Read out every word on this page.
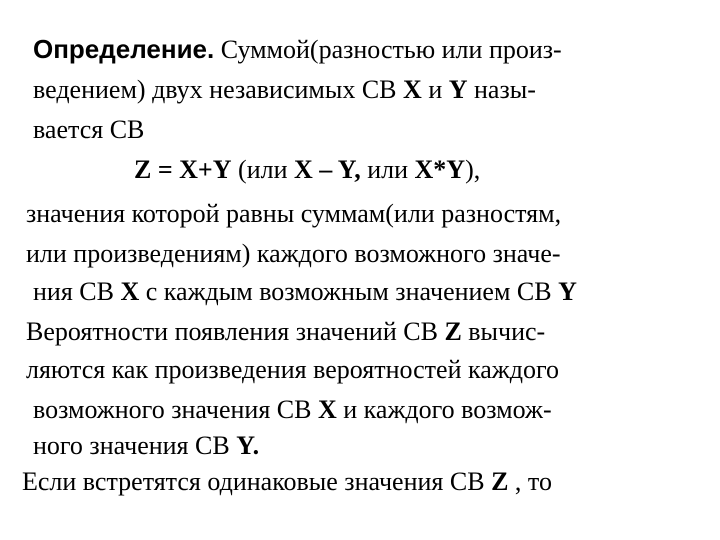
Определение. Суммой(разностью или произ-
ведением) двух независимых СВ X и Y назы-
вается СВ
Z = X+Y (или X – Y, или X*Y),
значения которой равны суммам(или разностям,
или произведениям) каждого возможного значе-
ния СВ X с каждым возможным значением СВ Y
Вероятности появления значений СВ Z вычис-
ляются как произведения вероятностей каждого
возможного значения СВ X и каждого возмож-
ного значения СВ Y.
Если встретятся одинаковые значения СВ Z , то
